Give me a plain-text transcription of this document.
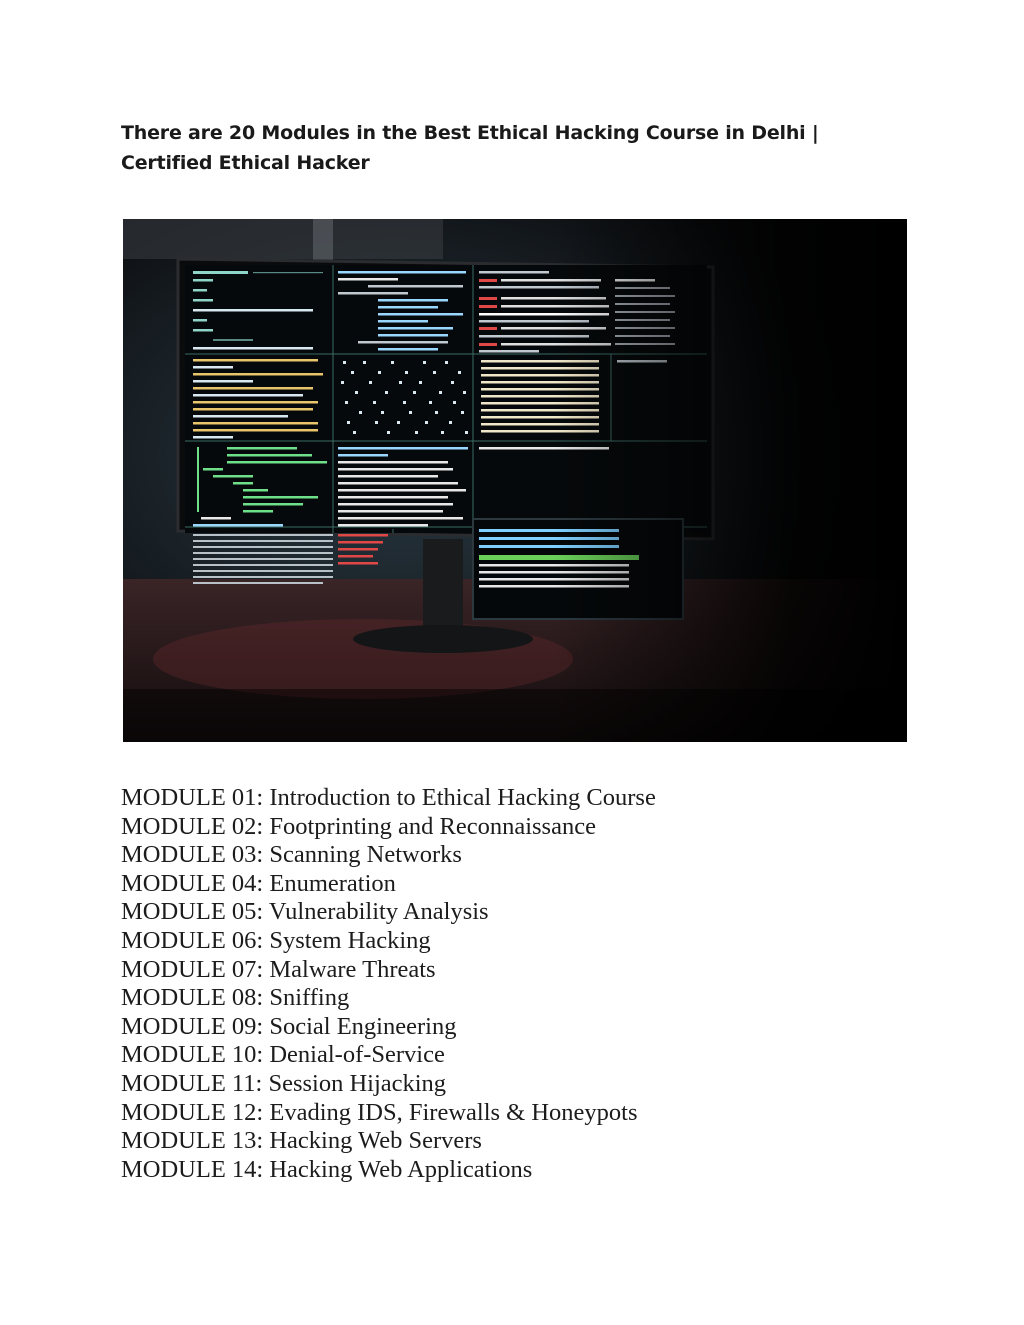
There are 20 Modules in the Best Ethical Hacking Course in Delhi | Certified Ethical Hacker
MODULE 01: Introduction to Ethical Hacking Course
MODULE 02: Footprinting and Reconnaissance
MODULE 03: Scanning Networks
MODULE 04: Enumeration
MODULE 05: Vulnerability Analysis
MODULE 06: System Hacking
MODULE 07: Malware Threats
MODULE 08: Sniffing
MODULE 09: Social Engineering
MODULE 10: Denial-of-Service
MODULE 11: Session Hijacking
MODULE 12: Evading IDS, Firewalls & Honeypots
MODULE 13: Hacking Web Servers
MODULE 14: Hacking Web Applications
